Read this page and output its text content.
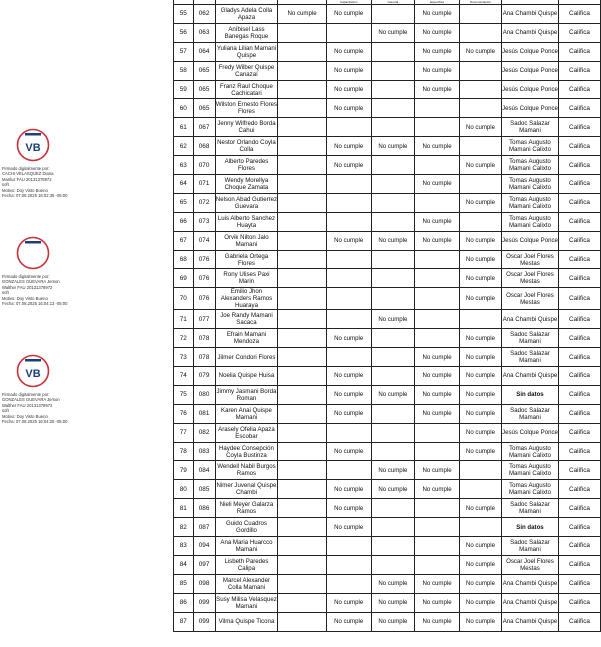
VB
Firmado digitalmente por:
CACHI VELASQUEZ Diana
Mariluz FAU 20131378972
soft
Motivo: Doy Visto Bueno
Fecha: 07.08.2025 16:02:35 -05:00
Firmado digitalmente por:
GONZALES GUEVARA Jerson
Walther FAU 20131378972
soft
Motivo: Doy Visto Bueno
Fecha: 07.08.2025 16:04:13 -05:00
VB
Firmado digitalmente por:
GONZALES GUEVARA Jerson
Walther FAU 20131378972
soft
Motivo: Doy Visto Bueno
Fecha: 07.08.2025 16:04:25 -05:00
				Capacitación	General	Específica	Documentación		
55	062	Gladys Adela Colla Apaza	No cumple	No cumple		No cumple		Ana Chambi Quispe	Califica
56	063	Aníbisel Lass Banegas Roque			No cumple	No cumple		Ana Chambi Quispe	Califica
57	064	Yuliana Lilian Mamani Quispe		No cumple		No cumple	No cumple	Jesús Colque Ponce	Califica
58	065	Fredy Wilber Quispe Canazaí		No cumple		No cumple		Jesús Colque Ponce	Califica
59	065	Franz Raul Choque Cachicatari		No cumple		No cumple		Jesús Colque Ponce	Califica
60	065	Wilston Ernesto Flores Flores		No cumple				Jesús Colque Ponce	Califica
61	067	Jenny Wilfredo Borda Cahui					No cumple	Sadoc Salazar Mamani	Califica
62	068	Nestor Orlando Coyla Colla		No cumple	No cumple	No cumple		Tomas Augusto Mamani Calixto	Califica
63	070	Alberto Paredes Flores		No cumple			No cumple	Tomas Augusto Mamani Calixto	Califica
64	071	Wendy Morellya Choque Zamata				No cumple		Tomas Augusto Mamani Calixto	Califica
65	072	Nelson Abad Gutierrez Guevara					No cumple	Tomas Augusto Mamani Calixto	Califica
66	073	Luis Alberto Sanchez Huayta				No cumple		Tomas Augusto Mamani Calixto	Califica
67	074	Orvik Nilton Jalo Mamani		No cumple	No cumple	No cumple	No cumple	Jesús Colque Ponce	Califica
68	076	Gabriela Ortega Flores					No cumple	Oscar Joel Flores Mestas	Califica
69	076	Rony Ulises Paxi Marin					No cumple	Oscar Joel Flores Mestas	Califica
70	076	Emilio Jhon Alexanders Ramos Huaraya					No cumple	Oscar Joel Flores Mestas	Califica
71	077	Joe Randy Mamani Sacaca			No cumple			Ana Chambi Quispe	Califica
72	078	Efrain Mamani Mendoza		No cumple			No cumple	Sadoc Salazar Mamani	Califica
73	078	Jilmer Condori Flores				No cumple	No cumple	Sadoc Salazar Mamani	Califica
74	079	Noelia Quispe Huisa		No cumple		No cumple	No cumple	Ana Chambi Quispe	Califica
75	080	Jimmy Jasmani Borda Roman		No cumple	No cumple	No cumple	No cumple	Sin datos	Califica
76	081	Karen Anai Quispe Mamani		No cumple		No cumple	No cumple	Sadoc Salazar Mamani	Califica
77	082	Arasely Ofelia Apaza Escobar					No cumple	Jesús Colque Ponce	Califica
78	083	Haydee Consepción Coyla Bustinza		No cumple			No cumple	Tomas Augusto Mamani Calixto	Califica
79	084	Wendell Nabil Burgos Ramos			No cumple	No cumple		Tomas Augusto Mamani Calixto	Califica
80	085	Nimer Juvenal Quispe Chambi		No cumple	No cumple	No cumple		Tomas Augusto Mamani Calixto	Califica
81	086	Nieli Meyer Galarza Ramos		No cumple			No cumple	Sadoc Salazar Mamani	Califica
82	087	Guido Cuadros Gordillo		No cumple				Sin datos	Califica
83	094	Ana Maria Huarcco Mamani					No cumple	Sadoc Salazar Mamani	Califica
84	097	Lisbeth Paredes Calipa					No cumple	Oscar Joel Flores Mestas	Califica
85	098	Marcel Alexander Colla Mamani			No cumple	No cumple	No cumple	Ana Chambi Quispe	Califica
86	099	Susy Milisa Velasquez Mamani		No cumple	No cumple	No cumple	No cumple	Ana Chambi Quispe	Califica
87	099	Vilma Quispe Ticona		No cumple	No cumple	No cumple	No cumple	Ana Chambi Quispe	Califica
